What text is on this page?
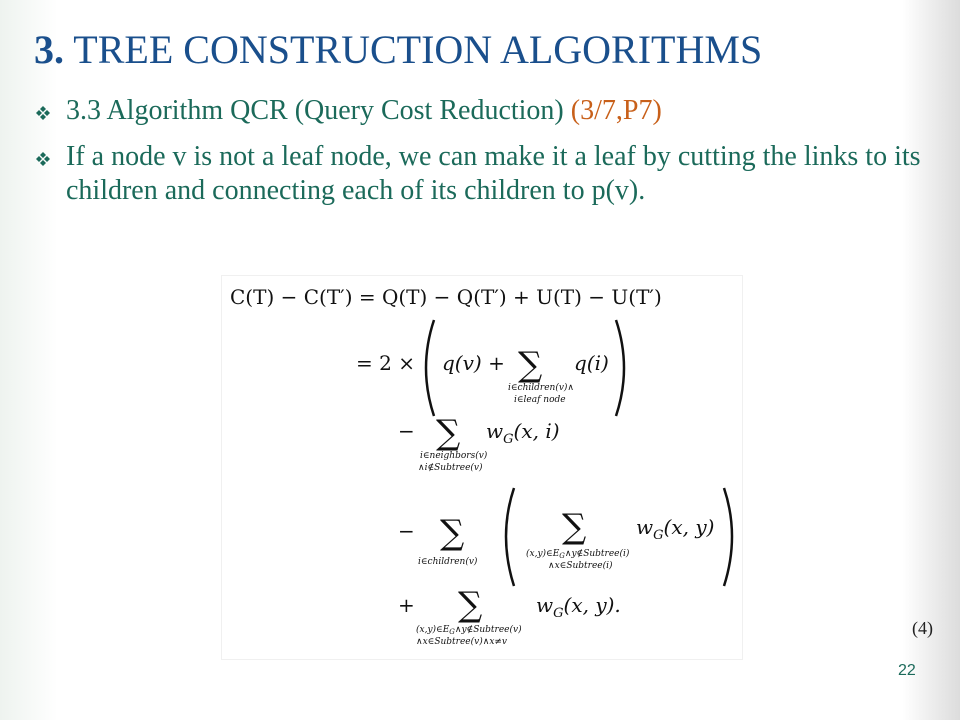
3. TREE CONSTRUCTION ALGORITHMS
3.3 Algorithm QCR (Query Cost Reduction) (3/7,P7)
If a node v is not a leaf node, we can make it a leaf by cutting the links to its children and connecting each of its children to p(v).
C(T) − C(T′) = Q(T) − Q(T′) + U(T) − U(T′)
= 2 × q(v) + ∑ q(i)
i∈children(v)∧
i∈leaf node
− ∑ $w_G(x$, i)
i∈neighbors(v)
∧i∉Subtree(v)
− ∑
i∈children(v)
∑ $w_G(x$, y)
$(x,y)\in E_G\wedge y\notin Subtree(i)$
∧x∈Subtree(i)
+ ∑	$w_G(x$, y).
$(x,y)\in E_G\wedge y\notin Subtree(v)$
∧x∈Subtree(v)∧x≠v
(4)
22
